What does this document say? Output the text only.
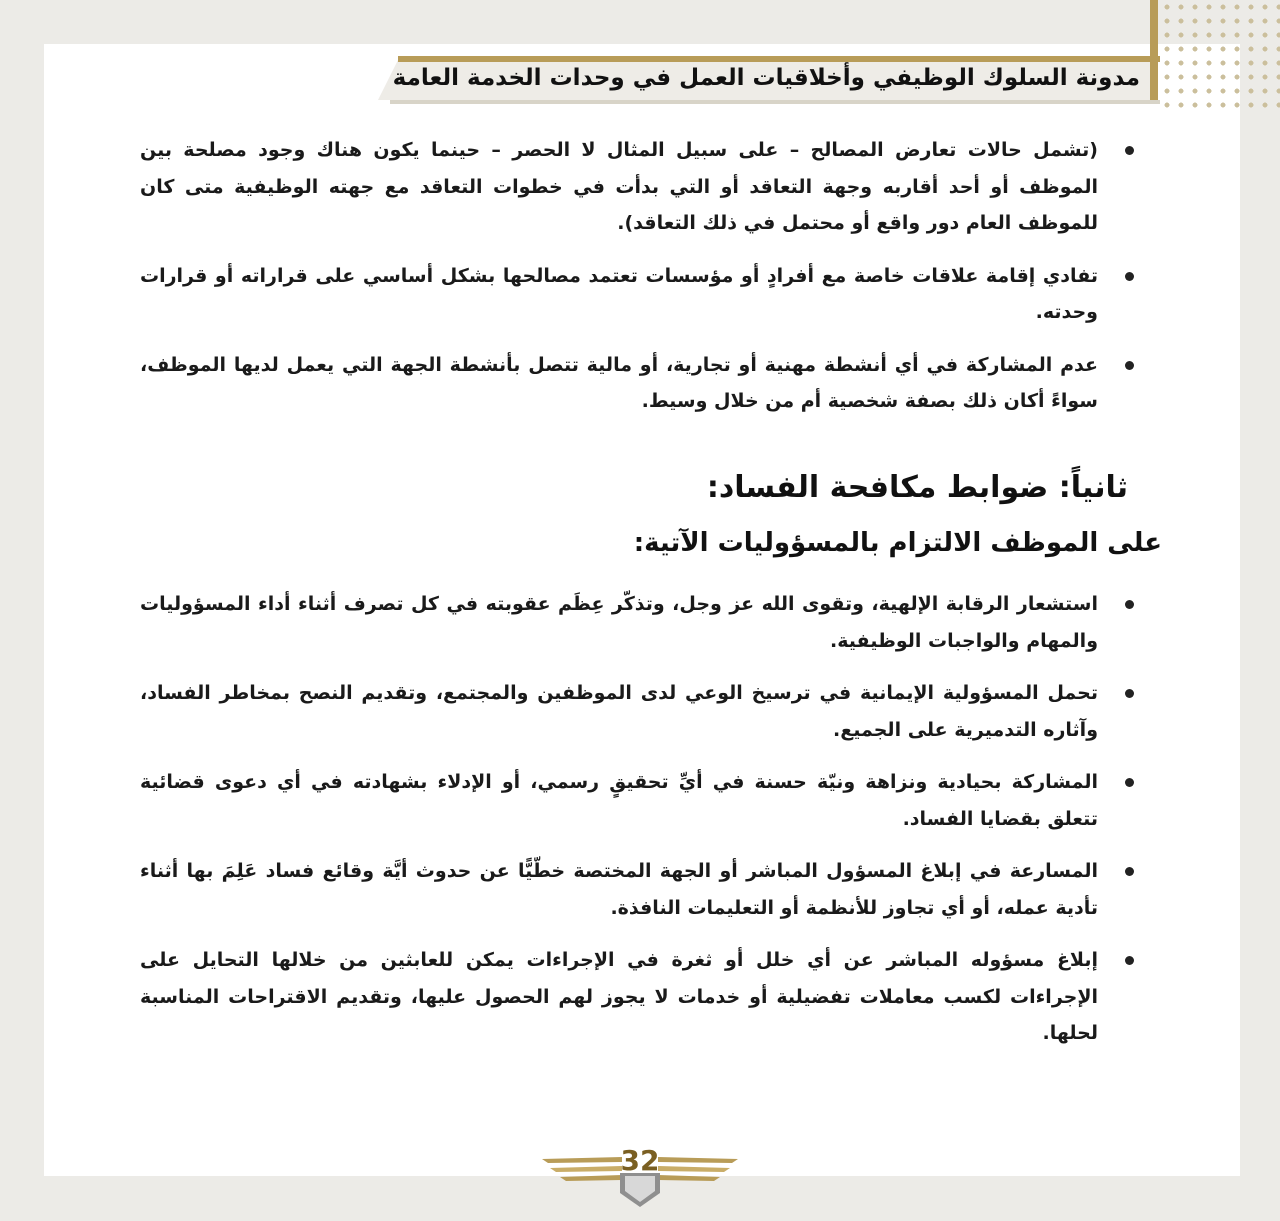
مدونة السلوك الوظيفي وأخلاقيات العمل في وحدات الخدمة العامة
(تشمل حالات تعارض المصالح – على سبيل المثال لا الحصر – حينما يكون هناك وجود مصلحة بين الموظف أو أحد أقاربه وجهة التعاقد أو التي بدأت في خطوات التعاقد مع جهته الوظيفية متى كان للموظف العام دور واقع أو محتمل في ذلك التعاقد).
تفادي إقامة علاقات خاصة مع أفرادٍ أو مؤسسات تعتمد مصالحها بشكل أساسي على قراراته أو قرارات وحدته.
عدم المشاركة في أي أنشطة مهنية أو تجارية، أو مالية تتصل بأنشطة الجهة التي يعمل لديها الموظف، سواءً أكان ذلك بصفة شخصية أم من خلال وسيط.
ثانياً: ضوابط مكافحة الفساد:
على الموظف الالتزام بالمسؤوليات الآتية:
استشعار الرقابة الإلهية، وتقوى الله عز وجل، وتذكّر عِظَم عقوبته في كل تصرف أثناء أداء المسؤوليات والمهام والواجبات الوظيفية.
تحمل المسؤولية الإيمانية في ترسيخ الوعي لدى الموظفين والمجتمع، وتقديم النصح بمخاطر الفساد، وآثاره التدميرية على الجميع.
المشاركة بحيادية ونزاهة ونيّة حسنة في أيِّ تحقيقٍ رسمي، أو الإدلاء بشهادته في أي دعوى قضائية تتعلق بقضايا الفساد.
المسارعة في إبلاغ المسؤول المباشر أو الجهة المختصة خطّيًّا عن حدوث أيَّة وقائع فساد عَلِمَ بها أثناء تأدية عمله، أو أي تجاوز للأنظمة أو التعليمات النافذة.
إبلاغ مسؤوله المباشر عن أي خلل أو ثغرة في الإجراءات يمكن للعابثين من خلالها التحايل على الإجراءات لكسب معاملات تفضيلية أو خدمات لا يجوز لهم الحصول عليها، وتقديم الاقتراحات المناسبة لحلها.
32
